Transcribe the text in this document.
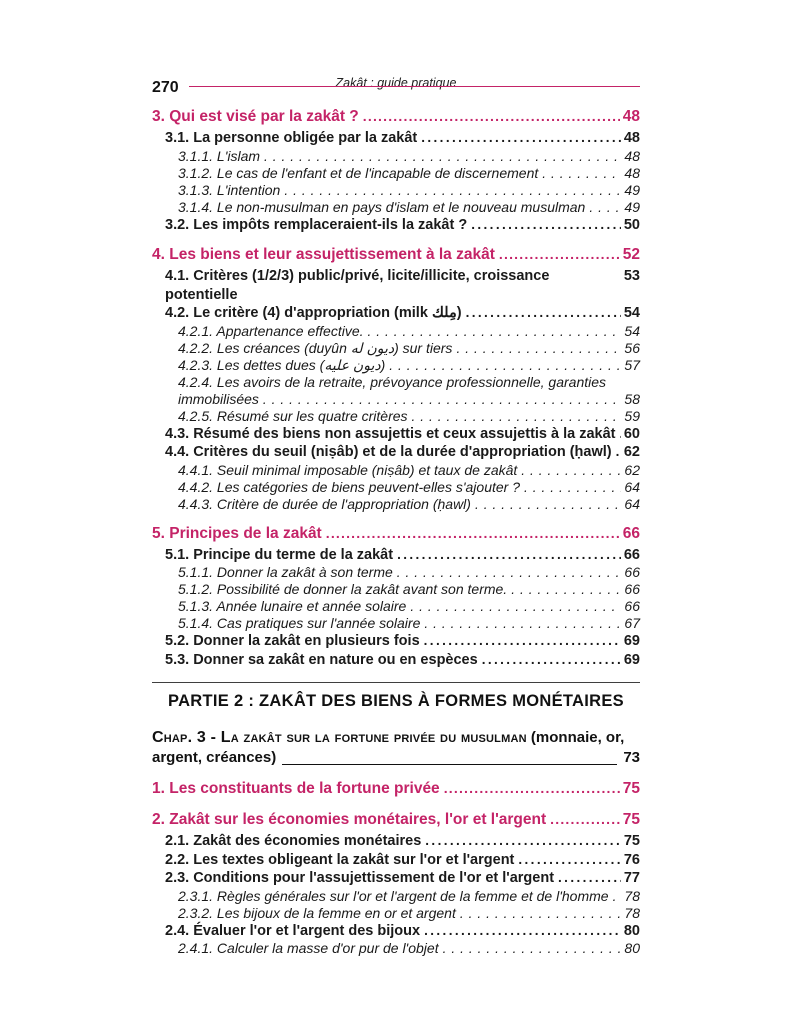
Zakât : guide pratique
270
3. Qui est visé par la zakât ? .....	48
3.1. La personne obligée par la zakât .....	48
3.1.1. L'islam .....	48
3.1.2. Le cas de l'enfant et de l'incapable de discernement .....	48
3.1.3. L'intention .....	49
3.1.4. Le non-musulman en pays d'islam et le nouveau musulman .....	49
3.2. Les impôts remplaceraient-ils la zakât ? .....	50
4. Les biens et leur assujettissement à la zakât .....	52
4.1. Critères (1/2/3) public/privé, licite/illicite, croissance potentielle
53
4.2. Le critère (4) d'appropriation (milk مِلك) .....	54
4.2.1. Appartenance effective. .....	54
4.2.2. Les créances (duyûn ديون له) sur tiers .....	56
4.2.3. Les dettes dues (ديون عليه) .....	57
4.2.4. Les avoirs de la retraite, prévoyance professionnelle, garanties
immobilisées .....	58
4.2.5. Résumé sur les quatre critères .....	59
4.3. Résumé des biens non assujettis et ceux assujettis à la zakât ..... 60
4.4. Critères du seuil (niṣâb) et de la durée d'appropriation (ḥawl) ..... 62
4.4.1. Seuil minimal imposable (niṣâb) et taux de zakât .....	62
4.4.2. Les catégories de biens peuvent-elles s'ajouter ? .....	64
4.4.3. Critère de durée de l'appropriation (ḥawl) .....	64
5. Principes de la zakât .....	66
5.1. Principe du terme de la zakât .....	66
5.1.1. Donner la zakât à son terme .....	66
5.1.2. Possibilité de donner la zakât avant son terme. .....	66
5.1.3. Année lunaire et année solaire .....	66
5.1.4. Cas pratiques sur l'année solaire .....	67
5.2. Donner la zakât en plusieurs fois .....	69
5.3. Donner sa zakât en nature ou en espèces .....	69
PARTIE 2 : ZAKÂT DES BIENS À FORMES MONÉTAIRES
Chap. 3 - La zakât sur la fortune privée du musulman (monnaie, or,
argent, créances)	73
1. Les constituants de la fortune privée .....	75
2. Zakât sur les économies monétaires, l'or et l'argent .....	75
2.1. Zakât des économies monétaires .....	75
2.2. Les textes obligeant la zakât sur l'or et l'argent .....	76
2.3. Conditions pour l'assujettissement de l'or et l'argent .....	77
2.3.1. Règles générales sur l'or et l'argent de la femme et de l'homme ..... 78
2.3.2. Les bijoux de la femme en or et argent .....	78
2.4. Évaluer l'or et l'argent des bijoux .....	80
2.4.1. Calculer la masse d'or pur de l'objet .....	80
